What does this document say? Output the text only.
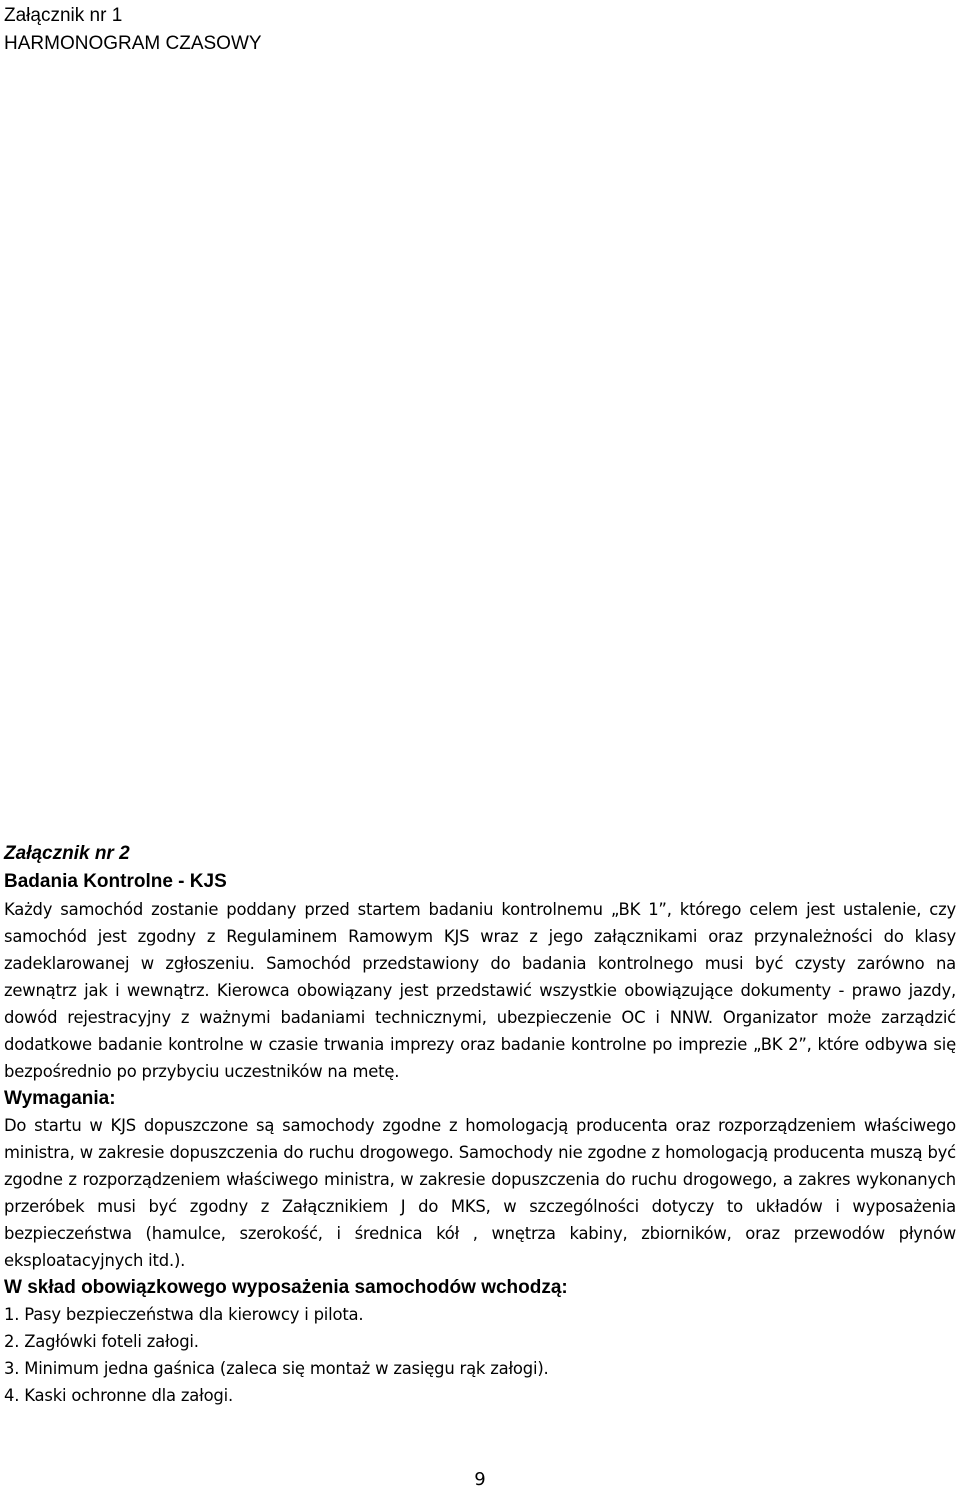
Załącznik nr 1
HARMONOGRAM CZASOWY
Załącznik nr 2
Badania Kontrolne - KJS

Każdy samochód zostanie poddany przed startem badaniu kontrolnemu „BK 1”, którego celem jest ustalenie, czy samochód jest zgodny z Regulaminem Ramowym KJS wraz z jego załącznikami oraz przynależności do klasy zadeklarowanej w zgłoszeniu. Samochód przedstawiony do badania kontrolnego musi być czysty zarówno na zewnątrz jak i wewnątrz. Kierowca obowiązany jest przedstawić wszystkie obowiązujące dokumenty - prawo jazdy, dowód rejestracyjny z ważnymi badaniami technicznymi, ubezpieczenie OC i NNW. Organizator może zarządzić dodatkowe badanie kontrolne w czasie trwania imprezy oraz badanie kontrolne po imprezie „BK 2”, które odbywa się bezpośrednio po przybyciu uczestników na metę.

Wymagania:

Do startu w KJS dopuszczone są samochody zgodne z homologacją producenta oraz rozporządzeniem właściwego ministra, w zakresie dopuszczenia do ruchu drogowego. Samochody nie zgodne z homologacją producenta muszą być zgodne z rozporządzeniem właściwego ministra, w zakresie dopuszczenia do ruchu drogowego, a zakres wykonanych przeróbek musi być zgodny z Załącznikiem J do MKS, w szczególności dotyczy to układów i wyposażenia bezpieczeństwa (hamulce, szerokość, i średnica kół , wnętrza kabiny, zbiorników, oraz przewodów płynów eksploatacyjnych itd.).

W skład obowiązkowego wyposażenia samochodów wchodzą:
1. Pasy bezpieczeństwa dla kierowcy i pilota.
2. Zagłówki foteli załogi.
3. Minimum jedna gaśnica (zaleca się montaż w zasięgu rąk załogi).
4. Kaski ochronne dla załogi.
9
